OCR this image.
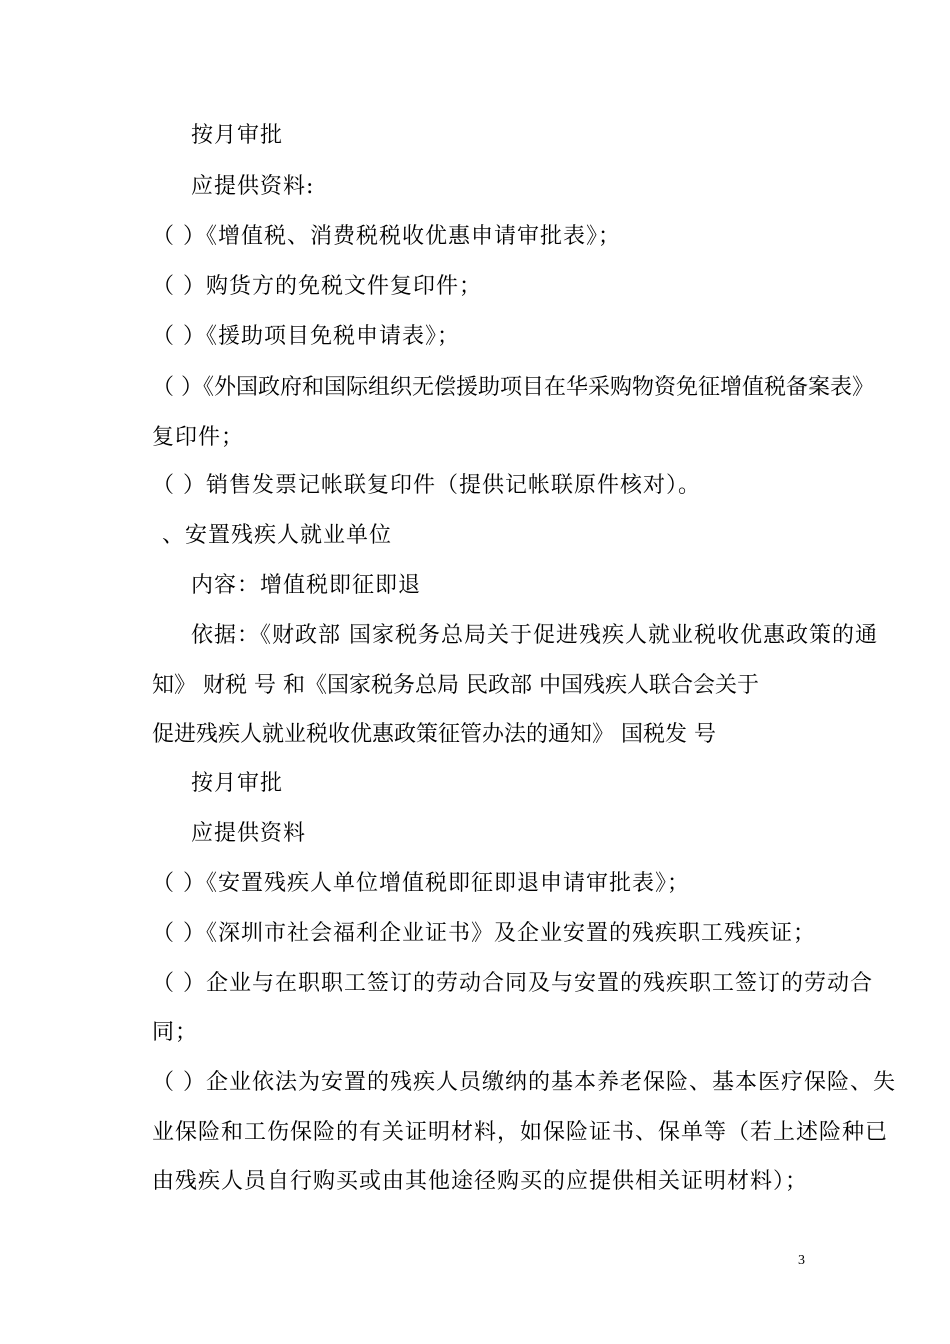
按月审批
应提供资料:
（ ）《增值税、消费税税收优惠申请审批表》；
（ ）购货方的免税文件复印件；
（ ）《援助项目免税申请表》；
（ ）《外国政府和国际组织无偿援助项目在华采购物资免征增值税备案表》
复印件；
（ ）销售发票记帐联复印件（提供记帐联原件核对）。
、安置残疾人就业单位
内容：增值税即征即退
依据：《财政部 国家税务总局关于促进残疾人就业税收优惠政策的通
知》 财税 号 和《国家税务总局 民政部 中国残疾人联合会关于
促进残疾人就业税收优惠政策征管办法的通知》 国税发 号
按月审批
应提供资料
（ ）《安置残疾人单位增值税即征即退申请审批表》；
（ ）《深圳市社会福利企业证书》及企业安置的残疾职工残疾证；
（ ）企业与在职职工签订的劳动合同及与安置的残疾职工签订的劳动合
同；
（ ）企业依法为安置的残疾人员缴纳的基本养老保险、基本医疗保险、失
业保险和工伤保险的有关证明材料，如保险证书、保单等（若上述险种已
由残疾人员自行购买或由其他途径购买的应提供相关证明材料）；
3
